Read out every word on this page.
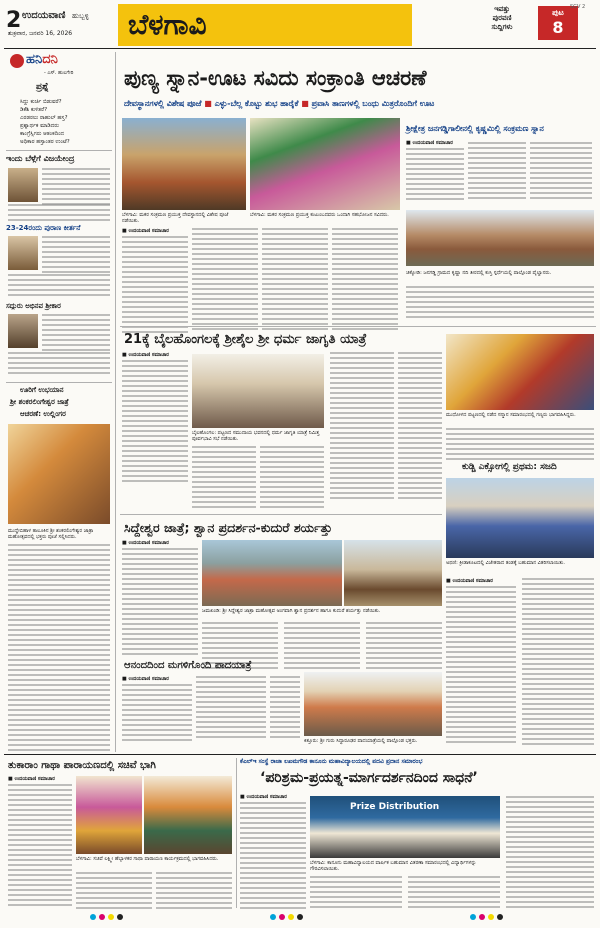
2 ಉದಯವಾಣಿ ಹುಬ್ಬಳ್ಳಿ
ಶುಕ್ರವಾರ, ಜನವರಿ 16, 2026 ಬೆಳಗಾವಿ	ಇವತ್ತು
ಪುರವಣಿ
ಸುದ್ದಿಗಳು
ಪುಟ
8
SGV 2
ಹನಿದನಿ
- ಎಸ್. ಹುಲಗೇರಿ
ಪ್ರಶ್ನೆ
ಸಿದ್ದು ಕುರ್ಚಿ ಬಿಡುವರೆ?
ಡಿಕೆಶಿ ಕುಳಿತರೆ?
ಎರಡರಲು ರಾಹುಲ್ ಹಸ್ತ?
ಪ್ರಶ್ನಾರ್ಥಕ ಮಾಡಿದರು
ಕಾಂಗ್ರೆಸ್ಸಿಗರು ಆತಂಕದಿಂದ
ಅಧಿಕಾರ ಹಸ್ತಾಂತರ ಉಂಟೆ?
ಇಂದು ಬೆಳ್ಗೆಗೆ ವಿಜಯೇಂದ್ರ
23-24ರಂದು ಪುರಾಣ ಕೀರ್ತನೆ
ಸದ್ಗುರು ಅಭಿನವ ಶ್ರೀಕಾರ
ಊರಿಗೆ ಉಭಯಾನ
ಶ್ರೀ ಶಂಕರಲಿಂಗೇಶ್ವರ ಜಾತ್ರೆ
ಆಚರಣೆ: ಉಲ್ಲಿಂಗರ
ಮುದ್ದೇಬಿಹಾಳ ತಾಲೂಕಿನ ಶ್ರೀ ಶಂಕರಲಿಂಗೇಶ್ವರ ಜಾತ್ರಾ ಮಹೋತ್ಸವದಲ್ಲಿ ಭಕ್ತರು ಪೂಜೆ ಸಲ್ಲಿಸಿದರು.
ಪುಣ್ಯ ಸ್ನಾನ-ಊಟ ಸವಿದು ಸಂಕ್ರಾಂತಿ ಆಚರಣೆ
ದೇವಸ್ಥಾನಗಳಲ್ಲಿ ವಿಶೇಷ ಪೂಜೆ ■ ಎಳ್ಳು-ಬೆಲ್ಲ ಕೊಟ್ಟು ಶುಭ ಹಾರೈಕೆ ■ ಪ್ರವಾಸಿ ತಾಣಗಳಲ್ಲಿ ಬಂಧು ಮಿತ್ರರೊಂದಿಗೆ ಊಟ
ಬೆಳಗಾವಿ: ಮಕರ ಸಂಕ್ರಮಣ ಪ್ರಯುಕ್ತ ದೇವಸ್ಥಾನದಲ್ಲಿ ವಿಶೇಷ ಪೂಜೆ ನಡೆಯಿತು.
ಬೆಳಗಾವಿ: ಮಕರ ಸಂಕ್ರಮಣ ಪ್ರಯುಕ್ತ ಕುಟುಂಬದವರು ಒಂದಾಗಿ ಸಹಭೋಜನ ಸವಿದರು.
■ ಉದಯವಾಣಿ ಸಮಾಚಾರ
ಶ್ರೀಕ್ಷೇತ್ರ ಜನಗಡ್ಡಿಗಾಲೀನಲ್ಲಿ ಕೃಷ್ಣಮಿಲ್ಲಿ ಸಂಕ್ರಮಣ ಸ್ನಾನ
■ ಉದಯವಾಣಿ ಸಮಾಚಾರ
ಚಿಕ್ಕೋಡಿ: ಜನಗಡ್ಡಿ ಗ್ರಾಮದ ಕೃಷ್ಣಾ ನದಿ ತೀರದಲ್ಲಿ ಕುಸ್ತಿ ಸ್ಪರ್ಧೆಯಲ್ಲಿ ಪಾಲ್ಗೊಂಡ ಪೈಲ್ವಾನರು.
21ಕ್ಕೆ ಬೈಲಹೊಂಗಲಕ್ಕೆ ಶ್ರೀಶೈಲ ಶ್ರೀ ಧರ್ಮ ಜಾಗೃತಿ ಯಾತ್ರೆ
■ ಉದಯವಾಣಿ ಸಮಾಚಾರ
ಬೈಲಹೊಂಗಲ: ಪಟ್ಟಣದ ಸಮುದಾಯ ಭವನದಲ್ಲಿ ಧರ್ಮ ಜಾಗೃತಿ ಯಾತ್ರೆ ನಿಮಿತ್ತ ಪೂರ್ವಭಾವಿ ಸಭೆ ನಡೆಯಿತು.
ಮುಧೋಳದ ಪಟ್ಟಣದಲ್ಲಿ ನಡೆದ ಸನ್ಮಾನ ಸಮಾರಂಭದಲ್ಲಿ ಗಣ್ಯರು ಭಾಗವಹಿಸಿದ್ದರು.
ಕುಡ್ಚಿ ಎಕ್ಸೋಗಲ್ಲಿ ಪ್ರಥಮ: ಸಜದಿ
ಅಥಣಿ: ಕ್ರೀಡಾಕೂಟದಲ್ಲಿ ವಿಜೇತರಾದ ತಂಡಕ್ಕೆ ಬಹುಮಾನ ವಿತರಿಸಲಾಯಿತು.
■ ಉದಯವಾಣಿ ಸಮಾಚಾರ
ಸಿದ್ದೇಶ್ವರ ಜಾತ್ರೆ; ಶ್ವಾನ ಪ್ರದರ್ಶನ-ಕುದುರೆ ಶರ್ಯತ್ತು
■ ಉದಯವಾಣಿ ಸಮಾಚಾರ
ಜಮಖಂಡಿ: ಶ್ರೀ ಸಿದ್ದೇಶ್ವರ ಜಾತ್ರಾ ಮಹೋತ್ಸವ ಅಂಗವಾಗಿ ಶ್ವಾನ ಪ್ರದರ್ಶನ ಹಾಗೂ ಕುದುರೆ ಶರ್ಯತ್ತು ನಡೆಯಿತು.
ಆನಂದದಿಂದ ಮಗಳಿಗೊಂದಿ ಪಾದಯಾತ್ರೆ
■ ಉದಯವಾಣಿ ಸಮಾಚಾರ
ಕಿತ್ತೂರು: ಶ್ರೀ ಗುರು ಸಿದ್ಧಾರೂಢರ ಪಾದಯಾತ್ರೆಯಲ್ಲಿ ಪಾಲ್ಗೊಂಡ ಭಕ್ತರು.
ತುಕಾರಾಂ ಗಾಥಾ ಪಾರಾಯಣದಲ್ಲಿ ಸಚಿವೆ ಭಾಗಿ
■ ಉದಯವಾಣಿ ಸಮಾಚಾರ
ಬೆಳಗಾವಿ: ಸಚಿವೆ ಲಕ್ಷ್ಮೀ ಹೆಬ್ಬಾಳಕರ ಗಾಥಾ ಪಾರಾಯಣ ಕಾರ್ಯಕ್ರಮದಲ್ಲಿ ಭಾಗವಹಿಸಿದರು.
ಕೆಎಲ್‌ಇ ಸಂಸ್ಥೆ ರಾಜಾ ಲಖಮಗೌಡ ಕಾನೂನು ಮಹಾವಿದ್ಯಾಲಯದಲ್ಲಿ ಪದವಿ ಪ್ರದಾನ ಸಮಾರಂಭ
‘ಪರಿಶ್ರಮ-ಪ್ರಯತ್ನ-ಮಾರ್ಗದರ್ಶನದಿಂದ ಸಾಧನೆ’
■ ಉದಯವಾಣಿ ಸಮಾಚಾರ
Prize Distribution
ಬೆಳಗಾವಿ: ಕಾನೂನು ಮಹಾವಿದ್ಯಾಲಯದ ವಾರ್ಷಿಕ ಬಹುಮಾನ ವಿತರಣಾ ಸಮಾರಂಭದಲ್ಲಿ ವಿದ್ಯಾರ್ಥಿಗಳನ್ನು ಗೌರವಿಸಲಾಯಿತು.
